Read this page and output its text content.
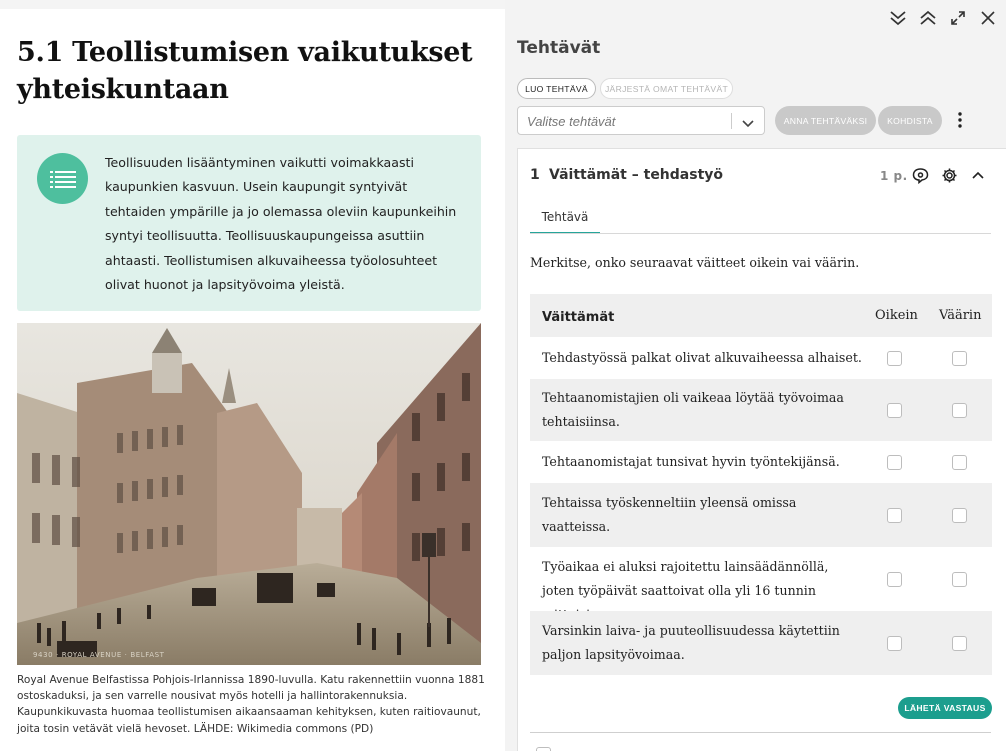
5.1 Teollistumisen vaikutukset yhteiskuntaan

Teollisuuden lisääntyminen vaikutti voimakkaasti kaupunkien kasvuun. Usein kaupungit syntyivät tehtaiden ympärille ja jo olemassa oleviin kaupunkeihin syntyi teollisuutta. Teollisuuskaupungeissa asuttiin ahtaasti. Teollistumisen alkuvaiheessa työolosuhteet olivat huonot ja lapsityövoima yleistä.

9430 · ROYAL AVENUE · BELFAST

Royal Avenue Belfastissa Pohjois-Irlannissa 1890-luvulla. Katu rakennettiin vuonna 1881 ostoskaduksi, ja sen varrelle nousivat myös hotelli ja hallintorakennuksia. Kaupunkikuvasta huomaa teollistumisen aikaansaaman kehityksen, kuten raitiovaunut, joita tosin vetävät vielä hevoset. LÄHDE: Wikimedia commons (PD)

Tehtävät
LUO TEHTÄVÄ	JÄRJESTÄ OMAT TEHTÄVÄT
Valitse tehtävät	ANNA TEHTÄVÄKSI	KOHDISTA
1 Väittämät – tehdastyö	1 p.
Tehtävä

Merkitse, onko seuraavat väitteet oikein vai väärin.

Väittämät	Oikein Väärin
Tehdastyössä palkat olivat alkuvaiheessa alhaiset.
Tehtaanomistajien oli vaikeaa löytää työvoimaa tehtaisiinsa.
Tehtaanomistajat tunsivat hyvin työntekijänsä.
Tehtaissa työskenneltiin yleensä omissa vaatteissa.
Työaikaa ei aluksi rajoitettu lainsäädännöllä, joten työpäivät saattoivat olla yli 16 tunnin
Varsinkin laiva- ja puuteollisuudessa käytettiin paljon lapsityövoimaa.
LÄHETÄ VASTAUS
